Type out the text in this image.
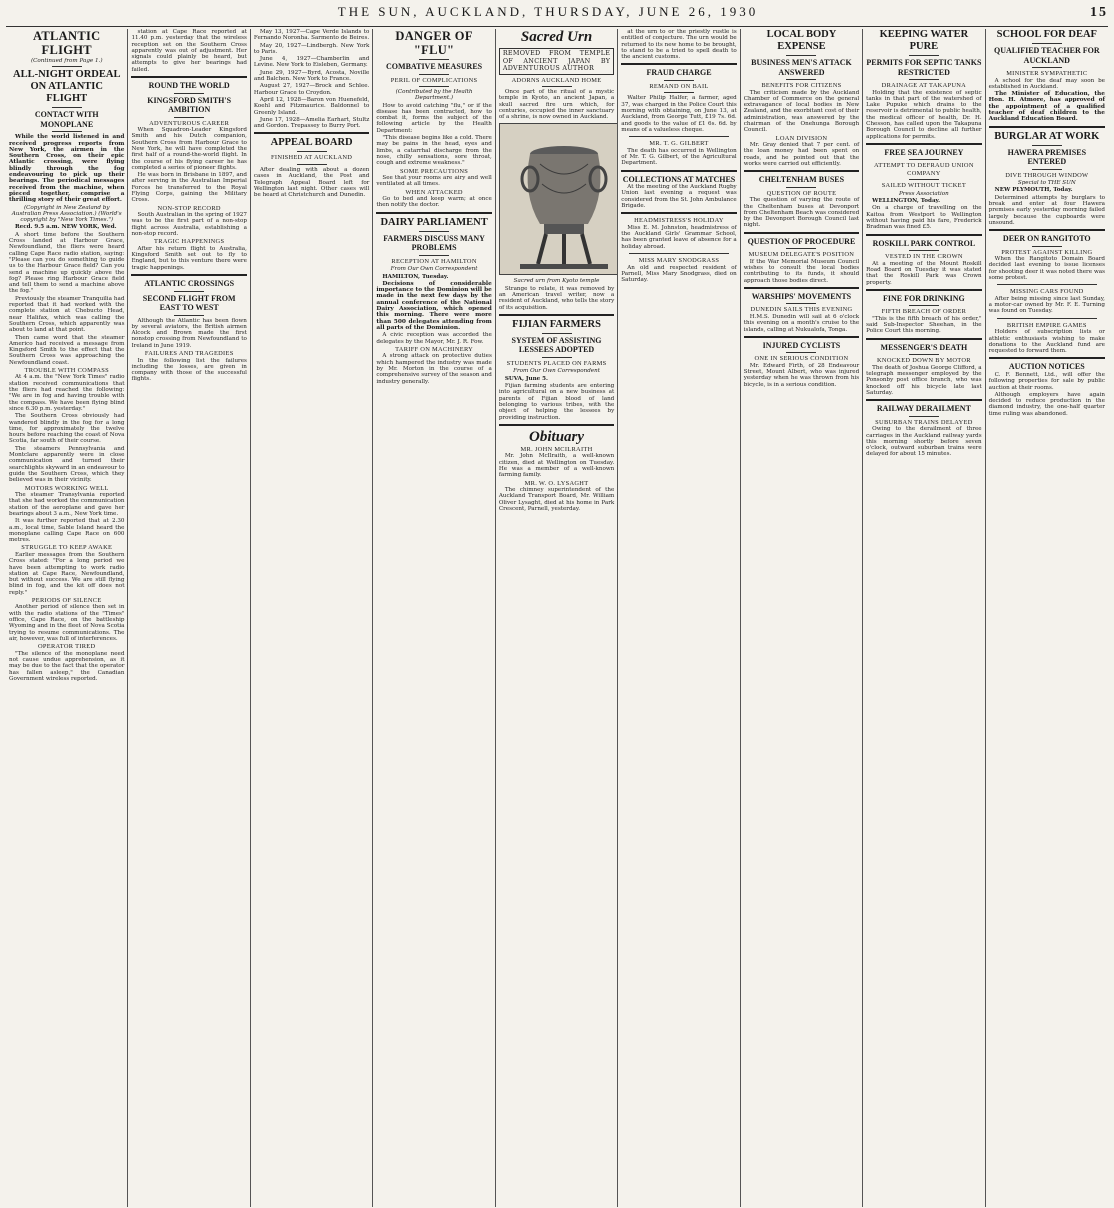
THE SUN, AUCKLAND, THURSDAY, JUNE 26, 1930	15
ATLANTIC FLIGHT
(Continued from Page 1.)
ALL-NIGHT ORDEAL ON ATLANTIC FLIGHT
CONTACT WITH MONOPLANE

While the world listened in and received progress reports from New York, the airmen in the Southern Cross, on their epic Atlantic crossing, were flying blindly through the fog endeavouring to pick up their bearings. The periodical messages received from the machine, when pieced together, comprise a thrilling story of their great effort.

(Copyright in New Zealand by Australian Press Association.) (World's copyright by "New York Times.")

Recd. 9.5 a.m. NEW YORK, Wed.

A short time before the Southern Cross landed at Harbour Grace, Newfoundland, the fliers were heard calling Cape Race radio station, saying: "Please can you do something to guide us to the Harbour Grace field? Can you send a machine up quickly above the fog? Please ring Harbour Grace field and tell them to send a machine above the fog."

Previously the steamer Tranquilia had reported that it had worked with the complete station at Chebucto Head, near Halifax, which was calling the Southern Cross, which apparently was about to land at that point.

Then came word that the steamer Americo had received a message from Kingsford Smith to the effect that the Southern Cross was approaching the Newfoundland coast.

TROUBLE WITH COMPASS

At 4 a.m. the "New York Times" radio station received communications that the fliers had reached the following: "We are in fog and having trouble with the compass. We have been flying blind since 6.30 p.m. yesterday."

The Southern Cross obviously had wandered blindly in the fog for a long time, for approximately the twelve hours before reaching the coast of Nova Scotia, far south of their course.

The steamers Pennsylvania and Montclare apparently were in close communication and turned their searchlights skyward in an endeavour to guide the Southern Cross, which they believed was in their vicinity.

MOTORS WORKING WELL

The steamer Transylvania reported that she had worked the communication station of the aeroplane and gave her bearings about 3 a.m., New York time.

It was further reported that at 2.30 a.m., local time, Sable Island heard the monoplane calling Cape Race on 600 metres.

STRUGGLE TO KEEP AWAKE

Earlier messages from the Southern Cross stated: "For a long period we have been attempting to work radio station at Cape Race, Newfoundland, but without success. We are still flying blind in fog, and the kit off does not reply."

PERIODS OF SILENCE

Another period of silence then set in with the radio stations of the "Times" office, Cape Race, on the battleship Wyoming and in the fleet of Nova Scotia trying to resume communications. The air, however, was full of interferences.

OPERATOR TIRED

"The silence of the monoplane need not cause undue apprehension, as it may be due to the fact that the operator has fallen asleep," the Canadian Government wireless reported.

station at Cape Race reported at 11.40 p.m. yesterday that the wireless reception set on the Southern Cross apparently was out of adjustment. Her signals could plainly be heard, but attempts to give her bearings had failed.

ROUND THE WORLD
KINGSFORD SMITH'S AMBITION
ADVENTUROUS CAREER

When Squadron-Leader Kingsford Smith and his Dutch companion, Southern Cross from Harbour Grace to New York, he will have completed the first half of a round-the-world flight. In the course of his flying career he has completed a series of pioneer flights.

He was born in Brisbane in 1897, and after serving in the Australian Imperial Forces he transferred to the Royal Flying Corps, gaining the Military Cross.

NON-STOP RECORD

South Australian in the spring of 1927 was to be the first part of a non-stop flight across Australia, establishing a non-stop record.

TRAGIC HAPPENINGS

After his return flight to Australia, Kingsford Smith set out to fly to England, but to this venture there were tragic happenings.

ATLANTIC CROSSINGS
SECOND FLIGHT FROM EAST TO WEST

Although the Atlantic has been flown by several aviators, the British airmen Alcock and Brown made the first nonstop crossing from Newfoundland to Ireland in June 1919.

FAILURES AND TRAGEDIES

In the following list the failures including the losses, are given in company with those of the successful flights.

May 13, 1927—Cape Verde Islands to Fernando Noronha. Sarmento de Beires.

May 20, 1927—Lindbergh. New York to Paris.

June 4, 1927—Chamberlin and Levine. New York to Eisleben, Germany.

June 29, 1927—Byrd, Acosta, Noville and Balchen. New York to France.

August 27, 1927—Brock and Schlee. Harbour Grace to Croydon.

April 12, 1928—Baron von Huenefeld, Koehl and Fitzmaurice. Baldonnel to Greenly Island.

June 17, 1928—Amelia Earhart, Stultz and Gordon. Trepassey to Burry Port.

APPEAL BOARD
FINISHED AT AUCKLAND

After dealing with about a dozen cases in Auckland, the Post and Telegraph Appeal Board left for Wellington last night. Other cases will be heard at Christchurch and Dunedin.

DANGER OF "FLU"
COMBATIVE MEASURES
PERIL OF COMPLICATIONS

(Contributed by the Health Department.)

How to avoid catching "flu," or if the disease has been contracted, how to combat it, forms the subject of the following article by the Health Department:

"This disease begins like a cold. There may be pains in the head, eyes and limbs, a catarrhal discharge from the nose, chilly sensations, sore throat, cough and extreme weakness."

SOME PRECAUTIONS

See that your rooms are airy and well ventilated at all times.

WHEN ATTACKED

Go to bed and keep warm; at once then notify the doctor.

DAIRY PARLIAMENT
FARMERS DISCUSS MANY PROBLEMS
RECEPTION AT HAMILTON

From Our Own Correspondent

HAMILTON, Tuesday.

Decisions of considerable importance to the Dominion will be made in the next few days by the annual conference of the National Dairy Association, which opened this morning. There were more than 500 delegates attending from all parts of the Dominion.

A civic reception was accorded the delegates by the Mayor, Mr. J. R. Fow.

TARIFF ON MACHINERY

A strong attack on protective duties which hampered the industry was made by Mr. Morton in the course of a comprehensive survey of the season and industry generally.

Sacred Urn
REMOVED FROM TEMPLE OF ANCIENT JAPAN BY ADVENTUROUS AUTHOR
ADORNS AUCKLAND HOME

Once part of the ritual of a mystic temple in Kyoto, an ancient Japan, a skull sacred fire urn which, for centuries, occupied the inner sanctuary of a shrine, is now owned in Auckland.

Sacred urn from Kyoto temple

Strange to relate, it was removed by an American travel writer, now a resident of Auckland, who tells the story of its acquisition.

FIJIAN FARMERS
SYSTEM OF ASSISTING LESSEES ADOPTED
STUDENTS PLACED ON FARMS

From Our Own Correspondent

SUVA, June 5.

Fijian farming students are entering into agricultural on a new business at parents of Fijian blood of land belonging to various tribes, with the object of helping the lessees by providing instruction.

Obituary
MR. JOHN MCILRAITH

Mr. John McIlraith, a well-known citizen, died at Wellington on Tuesday. He was a member of a well-known farming family.

MR. W. O. LYSAGHT

The chimney superintendent of the Auckland Transport Board, Mr. William Oliver Lysaght, died at his home in Park Crescent, Parnell, yesterday.

at the urn to or the priestly rustle is entitled of conjecture. The urn would be returned to its new home to be brought, to stand to be a tried to spell death to the ancient customs.

FRAUD CHARGE
REMAND ON BAIL

Walter Philip Halfer, a farmer, aged 37, was charged in the Police Court this morning with obtaining, on June 13, at Auckland, from George Tutt, £19 7s. 6d. and goods to the value of £1 6s. 6d. by means of a valueless cheque.

MR. T. G. GILBERT

The death has occurred in Wellington of Mr. T. G. Gilbert, of the Agricultural Department.

COLLECTIONS AT MATCHES

At the meeting of the Auckland Rugby Union last evening a request was considered from the St. John Ambulance Brigade.

HEADMISTRESS'S HOLIDAY

Miss E. M. Johnston, headmistress of the Auckland Girls' Grammar School, has been granted leave of absence for a holiday abroad.

MISS MARY SNODGRASS

An old and respected resident of Parnell, Miss Mary Snodgrass, died on Saturday.

LOCAL BODY EXPENSE
BUSINESS MEN'S ATTACK ANSWERED
BENEFITS FOR CITIZENS

The criticism made by the Auckland Chamber of Commerce on the general extravagance of local bodies in New Zealand, and the exorbitant cost of their administration, was answered by the chairman of the Onehunga Borough Council.

LOAN DIVISION

Mr. Gray denied that 7 per cent. of the loan money had been spent on roads, and he pointed out that the works were carried out efficiently.

CHELTENHAM BUSES
QUESTION OF ROUTE

The question of varying the route of the Cheltenham buses at Devonport from Cheltenham Beach was considered by the Devonport Borough Council last night.

QUESTION OF PROCEDURE
MUSEUM DELEGATE'S POSITION

If the War Memorial Museum Council wishes to consult the local bodies contributing to its funds, it should approach those bodies direct.

WARSHIPS' MOVEMENTS
DUNEDIN SAILS THIS EVENING

H.M.S. Dunedin will sail at 6 o'clock this evening on a month's cruise to the islands, calling at Nukualofa, Tonga.

INJURED CYCLISTS
ONE IN SERIOUS CONDITION

Mr. Edward Firth, of 28 Endeavour Street, Mount Albert, who was injured yesterday when he was thrown from his bicycle, is in a serious condition.

KEEPING WATER PURE
PERMITS FOR SEPTIC TANKS RESTRICTED
DRAINAGE AT TAKAPUNA

Holding that the existence of septic tanks in that part of the watershed of Lake Pupuke which drains to the reservoir is detrimental to public health, the medical officer of health, Dr. H. Chesson, has called upon the Takapuna Borough Council to decline all further applications for permits.

FREE SEA JOURNEY
ATTEMPT TO DEFRAUD UNION COMPANY
SAILED WITHOUT TICKET

Press Association

WELLINGTON, Today.

On a charge of travelling on the Kaitoa from Westport to Wellington without having paid his fare, Frederick Bradman was fined £5.

ROSKILL PARK CONTROL
VESTED IN THE CROWN

At a meeting of the Mount Roskill Road Board on Tuesday it was stated that the Roskill Park was Crown property.

FINE FOR DRINKING
FIFTH BREACH OF ORDER

"This is the fifth breach of his order," said Sub-Inspector Sheehan, in the Police Court this morning.

MESSENGER'S DEATH
KNOCKED DOWN BY MOTOR

The death of Joshua George Clifford, a telegraph messenger employed by the Ponsonby post office branch, who was knocked off his bicycle late last Saturday.

RAILWAY DERAILMENT
SUBURBAN TRAINS DELAYED

Owing to the derailment of three carriages in the Auckland railway yards this morning shortly before seven o'clock, outward suburban trains were delayed for about 15 minutes.

SCHOOL FOR DEAF
QUALIFIED TEACHER FOR AUCKLAND
MINISTER SYMPATHETIC

A school for the deaf may soon be established in Auckland.

The Minister of Education, the Hon. H. Atmore, has approved of the appointment of a qualified teacher of deaf children to the Auckland Education Board.

BURGLAR AT WORK
HAWERA PREMISES ENTERED
DIVE THROUGH WINDOW

Special to THE SUN

NEW PLYMOUTH, Today.

Determined attempts by burglars to break and enter at four Hawera premises early yesterday morning failed largely because the cupboards were unsound.

DEER ON RANGITOTO
PROTEST AGAINST KILLING

When the Rangitoto Domain Board decided last evening to issue licenses for shooting deer it was noted there was some protest.

MISSING CARS FOUND

After being missing since last Sunday, a motor-car owned by Mr. F. E. Turning was found on Tuesday.

BRITISH EMPIRE GAMES

Holders of subscription lists or athletic enthusiasts wishing to make donations to the Auckland fund are requested to forward them.

AUCTION NOTICES

C. F. Bennett, Ltd., will offer the following properties for sale by public auction at their rooms.

Although employers have again decided to reduce production in the diamond industry, the one-half quarter time ruling was abandoned.
